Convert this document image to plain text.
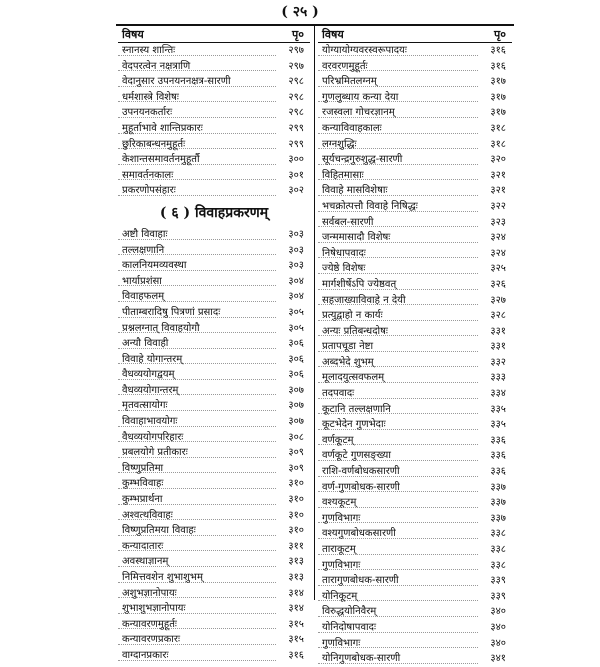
( २५ )
विषय	पृ०
स्नानस्य शान्तिः	२९७
वेदपरत्वेन नक्षत्राणि	२९७
वेदानुसार उपनयननक्षत्र-सारणी	२९८
धर्मशास्त्रे विशेषः	२९८
उपनयनकर्तारः	२९८
मुहूर्ताभावे शान्तिप्रकारः	२९९
छुरिकाबन्धनमुहूर्तः	२९९
केशान्तसमावर्तनमुहूर्तौ	३००
समावर्तनकालः	३०१
प्रकरणोपसंहारः	३०२
( ६ ) विवाहप्रकरणम्
अष्टौ विवाहाः	३०३
तल्लक्षणानि	३०३
कालनियमव्यवस्था	३०३
भार्याप्रशंसा	३०४
विवाहफलम्	३०४
पीताम्बरादिषु पित्रणां प्रसादः	३०५
प्रश्नलग्नात् विवाहयोगौ	३०५
अन्यौ विवाही	३०६
विवाहे योगान्तरम्	३०६
वैधव्ययोगद्वयम्	३०६
वैधव्ययोगान्तरम्	३०७
मृतवत्सायोगः	३०७
विवाहाभावयोगः	३०७
वैधव्ययोगपरिहारः	३०८
प्रबलयोगे प्रतीकारः	३०९
विष्णुप्रतिमा	३०९
कुम्भविवाहः	३१०
कुम्भप्रार्थना	३१०
अश्वत्थविवाहः	३१०
विष्णुप्रतिमया विवाहः	३१०
कन्यादातारः	३११
अवस्थाज्ञानम्	३१३
निमित्तवशेन शुभाशुभम्	३१३
अशुभज्ञानोपायः	३१४
शुभाशुभज्ञानोपायः	३१४
कन्यावरणमुहूर्तः	३१५
कन्यावरणप्रकारः	३१५
वाग्दानप्रकारः	३१६
विषय	पृ०
योग्यायोग्यवरस्वरूपादयः	३१६
वरवरणमुहूर्तः	३१६
परिभ्रमितलग्नम्	३१७
गुणलुब्धाय कन्या देया	३१७
रजस्वला गोचरज्ञानम्	३१७
कन्याविवाहकालः	३१८
लग्नशुद्धिः	३१८
सूर्यचन्द्रगुरुशुद्ध-सारणी	३२०
विहितमासाः	३२१
विवाहे मासविशेषाः	३२१
भचक्रोत्पत्तौ विवाहे निषिद्धः	३२२
सर्वबल-सारणी	३२३
जन्ममासादौ विशेषः	३२४
निषेधापवादः	३२४
ज्येष्ठे विशेषः	३२५
मार्गशीर्षेऽपि ज्येष्ठवत्	३२६
सहजाख्याविवाहे न देयी	३२७
प्रत्युद्वाहो न कार्यः	३२८
अन्यः प्रतिबन्धदोषः	३३१
प्रतापचूडा नेष्टा	३३१
अब्दभेदे शुभम्	३३२
मूलादयुत्सवफलम्	३३३
तदपवादः	३३४
कूटानि तल्लक्षणानि	३३५
कूटभेदेन गुणभेदाः	३३५
वर्णकूटम्	३३६
वर्णकूटे गुणसङ्ख्या	३३६
राशि-वर्णबोधकसारणी	३३६
वर्ण-गुणबोधक-सारणी	३३७
वश्यकूटम्	३३७
गुणविभागः	३३७
वश्यगुणबोधकसारणी	३३८
ताराकूटम्	३३८
गुणविभागः	३३८
तारागुणबोधक-सारणी	३३९
योनिकूटम्	३३९
विरुद्धयोनिवैरम्	३४०
योनिदोषापवादः	३४०
गुणविभागः	३४०
योनिगुणबोधक-सारणी	३४१
